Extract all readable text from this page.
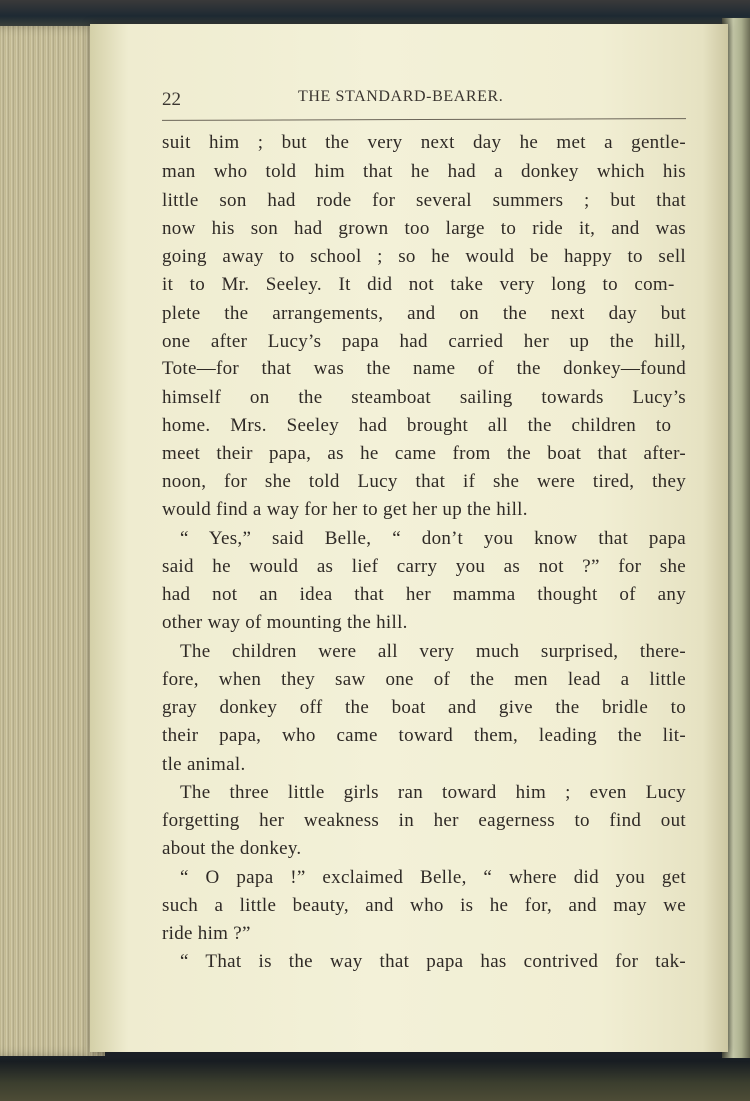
22	THE STANDARD-BEARER.
suit him ; but the very next day he met a gentle-
man who told him that he had a donkey which his
little son had rode for several summers ; but that
now his son had grown too large to ride it, and was
going away to school ; so he would be happy to sell
it to Mr. Seeley. It did not take very long to com-
plete the arrangements, and on the next day but
one after Lucy’s papa had carried her up the hill,
Tote—for that was the name of the donkey—found
himself on the steamboat sailing towards Lucy’s
home. Mrs. Seeley had brought all the children to
meet their papa, as he came from the boat that after-
noon, for she told Lucy that if she were tired, they
would find a way for her to get her up the hill.
“ Yes,” said Belle, “ don’t you know that papa
said he would as lief carry you as not ?” for she
had not an idea that her mamma thought of any
other way of mounting the hill.
The children were all very much surprised, there-
fore, when they saw one of the men lead a little
gray donkey off the boat and give the bridle to
their papa, who came toward them, leading the lit-
tle animal.
The three little girls ran toward him ; even Lucy
forgetting her weakness in her eagerness to find out
about the donkey.
“ O papa !” exclaimed Belle, “ where did you get
such a little beauty, and who is he for, and may we
ride him ?”
“ That is the way that papa has contrived for tak-
